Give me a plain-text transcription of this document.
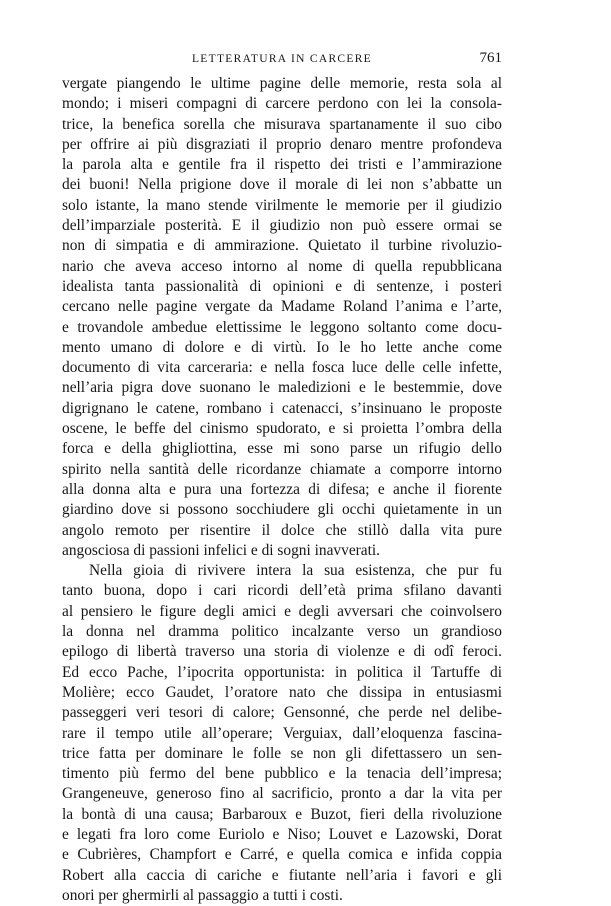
LETTERATURA IN CARCERE	761
vergate piangendo le ultime pagine delle memorie, resta sola al
mondo; i miseri compagni di carcere perdono con lei la consola-
trice, la benefica sorella che misurava spartanamente il suo cibo
per offrire ai più disgraziati il proprio denaro mentre profondeva
la parola alta e gentile fra il rispetto dei tristi e l’ammirazione
dei buoni! Nella prigione dove il morale di lei non s’abbatte un
solo istante, la mano stende virilmente le memorie per il giudizio
dell’imparziale posterità. E il giudizio non può essere ormai se
non di simpatia e di ammirazione. Quietato il turbine rivoluzio-
nario che aveva acceso intorno al nome di quella repubblicana
idealista tanta passionalità di opinioni e di sentenze, i posteri
cercano nelle pagine vergate da Madame Roland l’anima e l’arte,
e trovandole ambedue elettissime le leggono soltanto come docu-
mento umano di dolore e di virtù. Io le ho lette anche come
documento di vita carceraria: e nella fosca luce delle celle infette,
nell’aria pigra dove suonano le maledizioni e le bestemmie, dove
digrignano le catene, rombano i catenacci, s’insinuano le proposte
oscene, le beffe del cinismo spudorato, e si proietta l’ombra della
forca e della ghigliottina, esse mi sono parse un rifugio dello
spirito nella santità delle ricordanze chiamate a comporre intorno
alla donna alta e pura una fortezza di difesa; e anche il fiorente
giardino dove si possono socchiudere gli occhi quietamente in un
angolo remoto per risentire il dolce che stillò dalla vita pure
angosciosa di passioni infelici e di sogni inavverati.
Nella gioia di rivivere intera la sua esistenza, che pur fu
tanto buona, dopo i cari ricordi dell’età prima sfilano davanti
al pensiero le figure degli amici e degli avversari che coinvolsero
la donna nel dramma politico incalzante verso un grandioso
epilogo di libertà traverso una storia di violenze e di odî feroci.
Ed ecco Pache, l’ipocrita opportunista: in politica il Tartuffe di
Molière; ecco Gaudet, l’oratore nato che dissipa in entusiasmi
passeggeri veri tesori di calore; Gensonné, che perde nel delibe-
rare il tempo utile all’operare; Verguiax, dall’eloquenza fascina-
trice fatta per dominare le folle se non gli difettassero un sen-
timento più fermo del bene pubblico e la tenacia dell’impresa;
Grangeneuve, generoso fino al sacrificio, pronto a dar la vita per
la bontà di una causa; Barbaroux e Buzot, fieri della rivoluzione
e legati fra loro come Euriolo e Niso; Louvet e Lazowski, Dorat
e Cubrières, Champfort e Carré, e quella comica e infida coppia
Robert alla caccia di cariche e fiutante nell’aria i favori e gli
onori per ghermirli al passaggio a tutti i costi.
